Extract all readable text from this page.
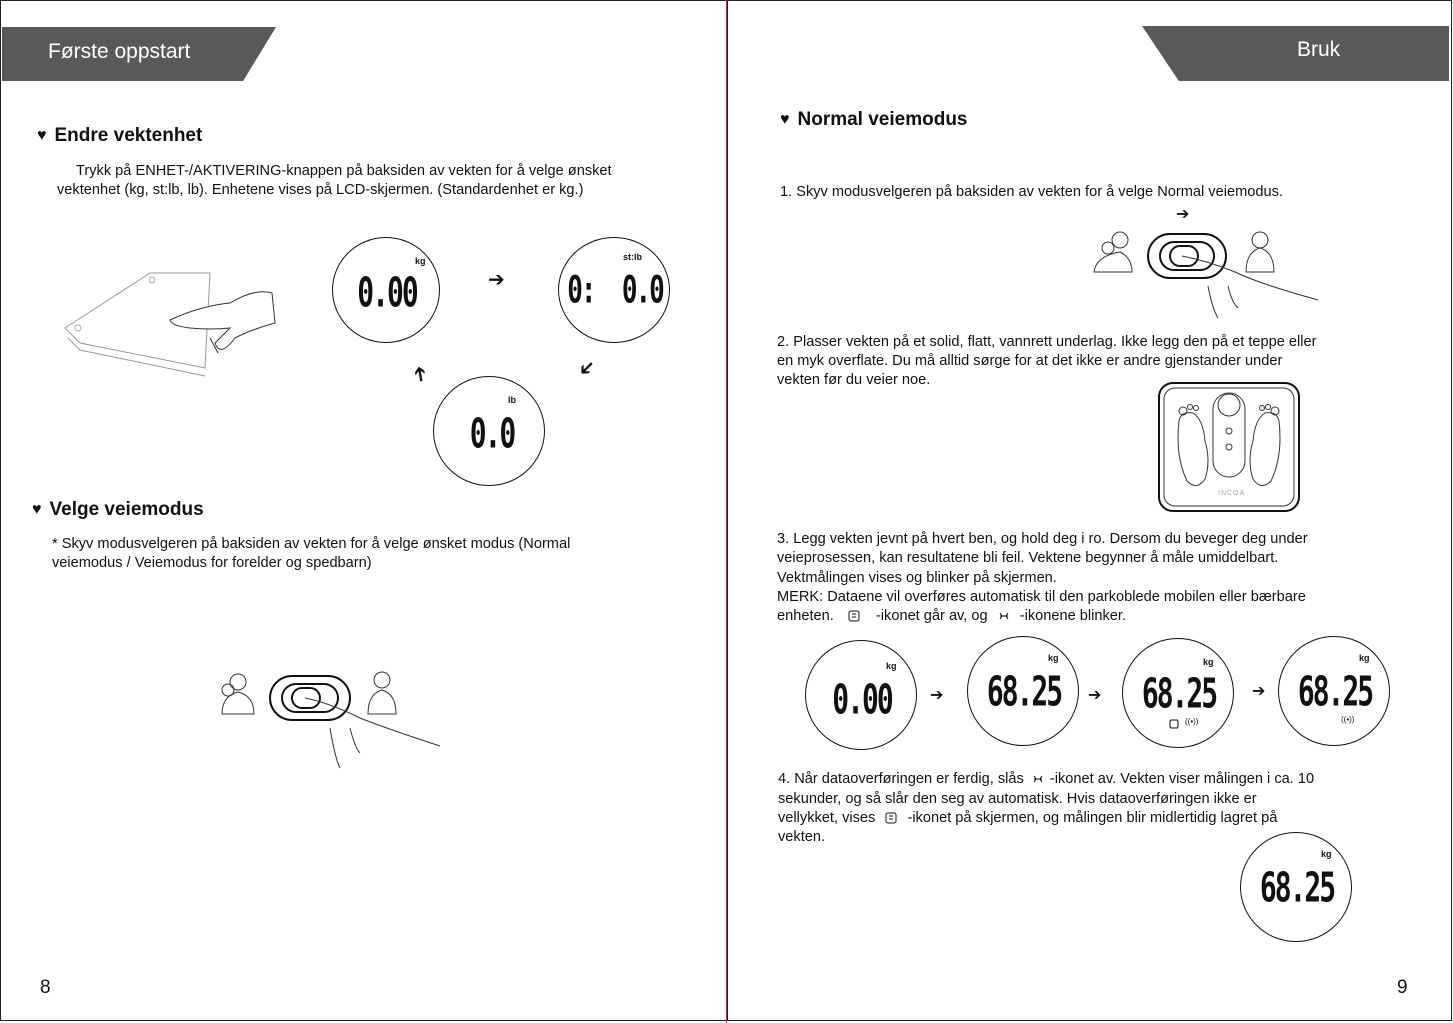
Første oppstart
♥ Endre vektenhet
Trykk på ENHET-/AKTIVERING-knappen på baksiden av vekten for å velge ønsket
vektenhet (kg, st:lb, lb). Enhetene vises på LCD-skjermen. (Standardenhet er kg.)
kg
0.00	➔
st:lb
0:  0.0
➔
➔
lb
0.0
♥ Velge veiemodus
* Skyv modusvelgeren på baksiden av vekten for å velge ønsket modus (Normal
veiemodus / Veiemodus for forelder og spedbarn)
8
Bruk
♥ Normal veiemodus
1. Skyv modusvelgeren på baksiden av vekten for å velge Normal veiemodus.
➔
2. Plasser vekten på et solid, flatt, vannrett underlag. Ikke legg den på et teppe eller
en myk overflate. Du må alltid sørge for at det ikke er andre gjenstander under
vekten før du veier noe.
INCOA
3. Legg vekten jevnt på hvert ben, og hold deg i ro. Dersom du beveger deg under
veieprosessen, kan resultatene bli feil. Vektene begynner å måle umiddelbart.
Vektmålingen vises og blinker på skjermen.
MERK: Dataene vil overføres automatisk til den parkoblede mobilen eller bærbare
enheten.	-ikonet går av, og -ikonene blinker.
kg
0.00	➔
kg
68.25	➔
kg
68.25
((•))
➔
kg
68.25
((•))
4. Når dataoverføringen er ferdig, slås -ikonet av. Vekten viser målingen i ca. 10
sekunder, og så slår den seg av automatisk. Hvis dataoverføringen ikke er
vellykket, vises -ikonet på skjermen, og målingen blir midlertidig lagret på
vekten.
kg
68.25
9
